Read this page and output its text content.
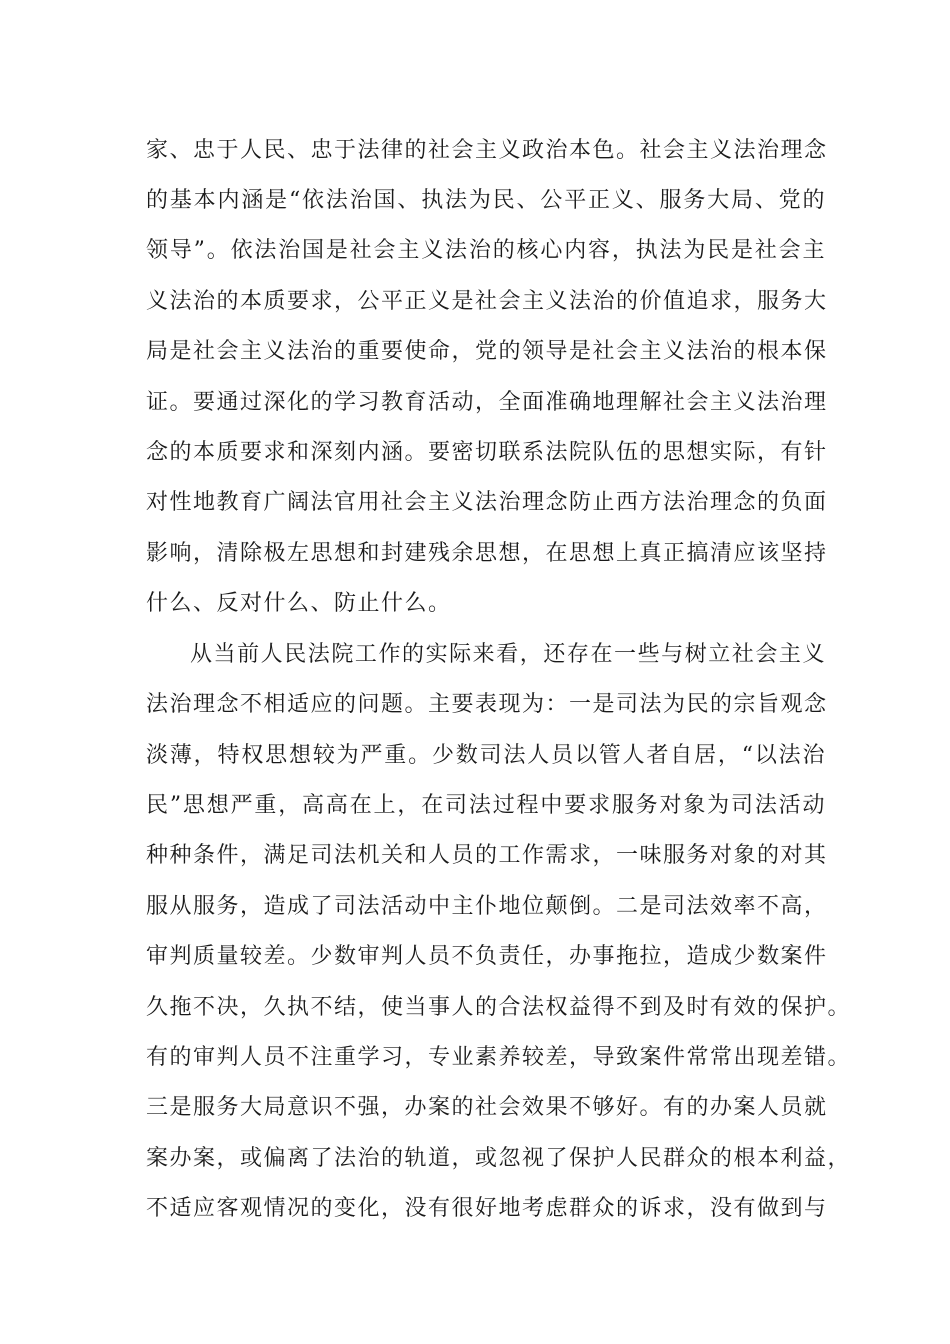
家、忠于人民、忠于法律的社会主义政治本色。社会主义法治理念
的基本内涵是“依法治国、执法为民、公平正义、服务大局、党的
领导”。依法治国是社会主义法治的核心内容，执法为民是社会主
义法治的本质要求，公平正义是社会主义法治的价值追求，服务大
局是社会主义法治的重要使命，党的领导是社会主义法治的根本保
证。要通过深化的学习教育活动，全面准确地理解社会主义法治理
念的本质要求和深刻内涵。要密切联系法院队伍的思想实际，有针
对性地教育广阔法官用社会主义法治理念防止西方法治理念的负面
影响，清除极左思想和封建残余思想，在思想上真正搞清应该坚持
什么、反对什么、防止什么。
从当前人民法院工作的实际来看，还存在一些与树立社会主义
法治理念不相适应的问题。主要表现为：一是司法为民的宗旨观念
淡薄，特权思想较为严重。少数司法人员以管人者自居，“以法治
民”思想严重，高高在上，在司法过程中要求服务对象为司法活动
种种条件，满足司法机关和人员的工作需求，一味服务对象的对其
服从服务，造成了司法活动中主仆地位颠倒。二是司法效率不高，
审判质量较差。少数审判人员不负责任，办事拖拉，造成少数案件
久拖不决，久执不结，使当事人的合法权益得不到及时有效的保护。
有的审判人员不注重学习，专业素养较差，导致案件常常出现差错。
三是服务大局意识不强，办案的社会效果不够好。有的办案人员就
案办案，或偏离了法治的轨道，或忽视了保护人民群众的根本利益，
不适应客观情况的变化，没有很好地考虑群众的诉求，没有做到与
